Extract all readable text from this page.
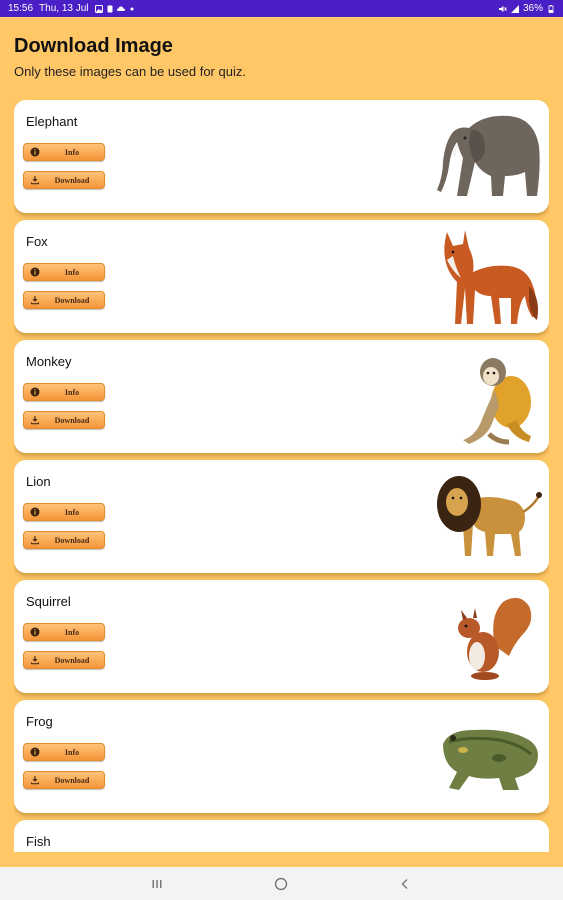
15:56 Thu, 13 Jul	36%
Download Image
Only these images can be used for quiz.
Elephant
Info
Download
Fox
Info
Download
Monkey
Info
Download
Lion
Info
Download
Squirrel
Info
Download
Frog
Info
Download
Fish
